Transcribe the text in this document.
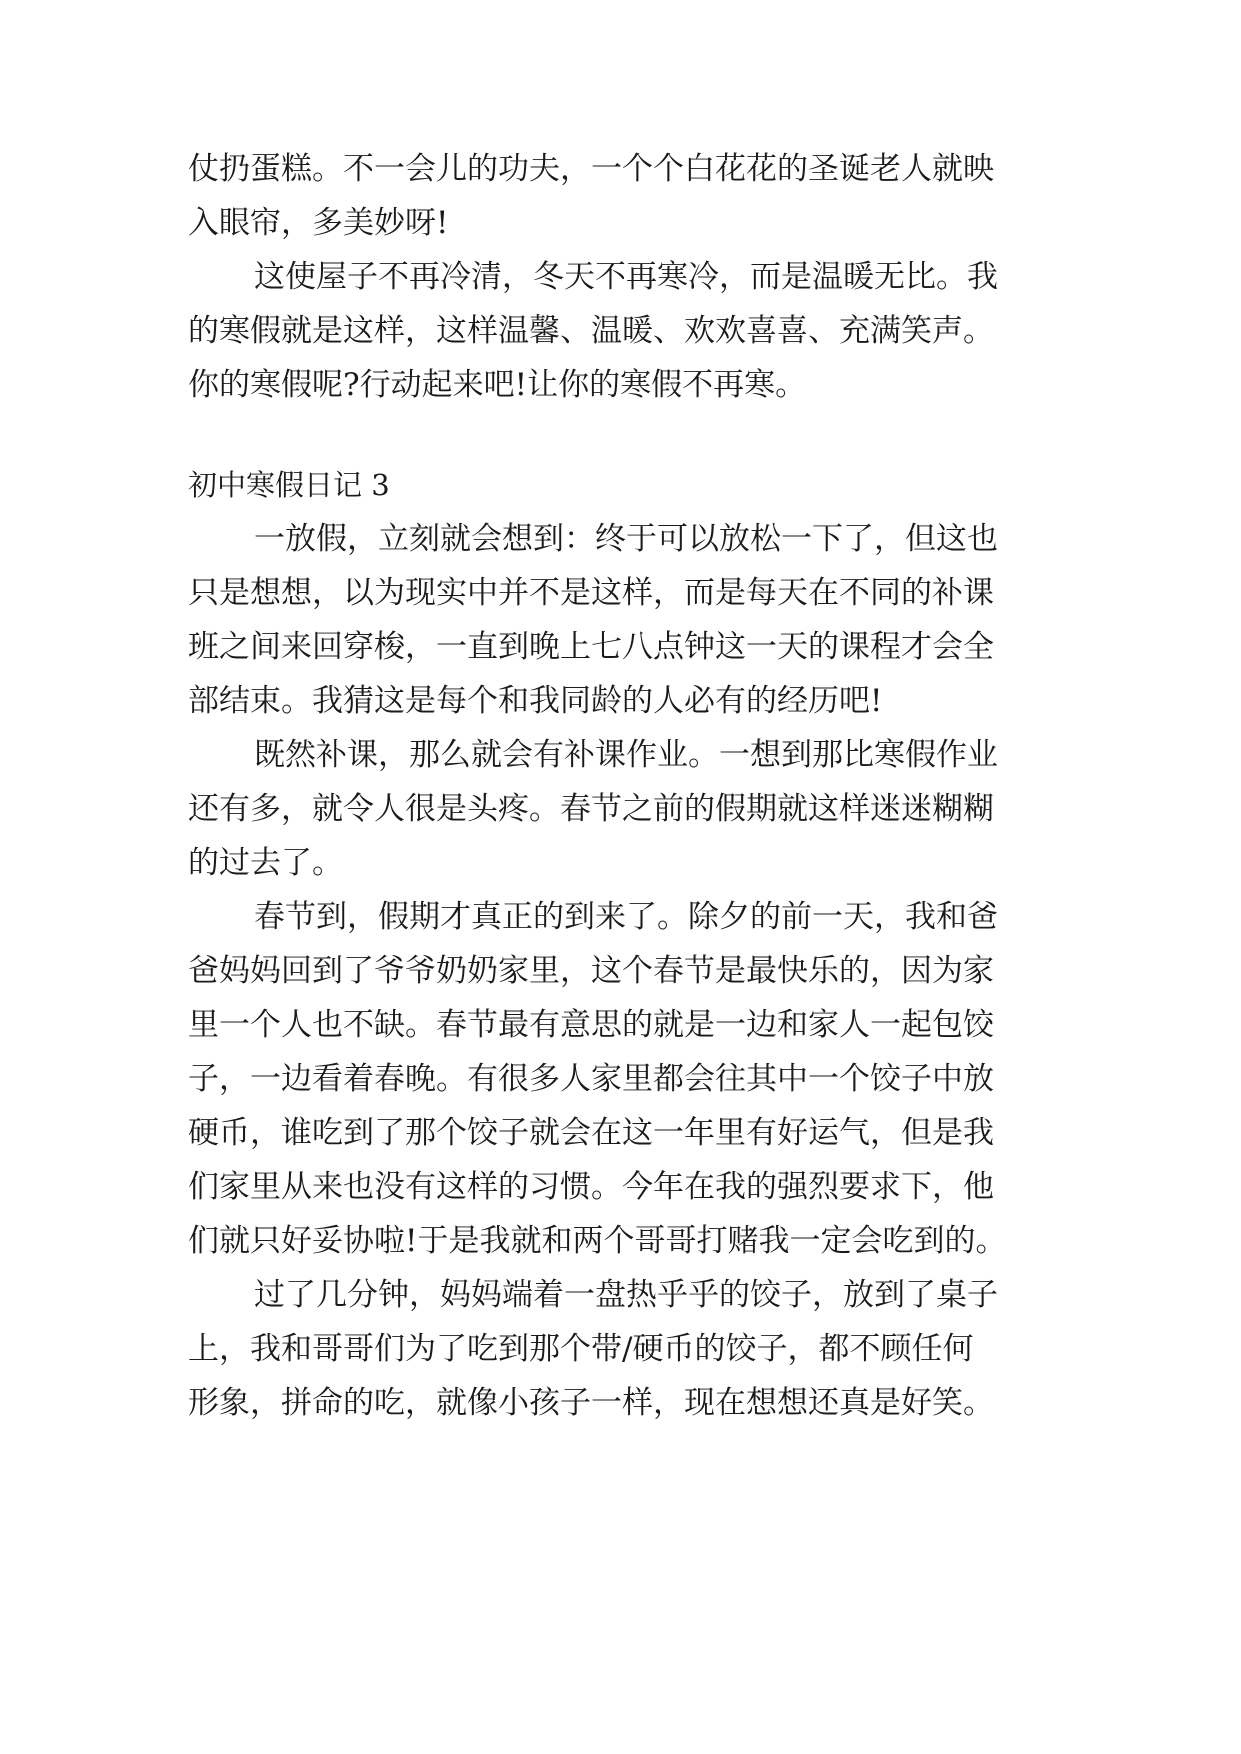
仗扔蛋糕。不一会儿的功夫，一个个白花花的圣诞老人就映
入眼帘，多美妙呀!
这使屋子不再冷清，冬天不再寒冷，而是温暖无比。我
的寒假就是这样，这样温馨、温暖、欢欢喜喜、充满笑声。
你的寒假呢?行动起来吧!让你的寒假不再寒。
初中寒假日记 3
一放假，立刻就会想到：终于可以放松一下了，但这也
只是想想，以为现实中并不是这样，而是每天在不同的补课
班之间来回穿梭，一直到晚上七八点钟这一天的课程才会全
部结束。我猜这是每个和我同龄的人必有的经历吧!
既然补课，那么就会有补课作业。一想到那比寒假作业
还有多，就令人很是头疼。春节之前的假期就这样迷迷糊糊
的过去了。
春节到，假期才真正的到来了。除夕的前一天，我和爸
爸妈妈回到了爷爷奶奶家里，这个春节是最快乐的，因为家
里一个人也不缺。春节最有意思的就是一边和家人一起包饺
子，一边看着春晚。有很多人家里都会往其中一个饺子中放
硬币，谁吃到了那个饺子就会在这一年里有好运气，但是我
们家里从来也没有这样的习惯。今年在我的强烈要求下，他
们就只好妥协啦!于是我就和两个哥哥打赌我一定会吃到的。
过了几分钟，妈妈端着一盘热乎乎的饺子，放到了桌子
上，我和哥哥们为了吃到那个带/硬币的饺子，都不顾任何
形象，拼命的吃，就像小孩子一样，现在想想还真是好笑。
